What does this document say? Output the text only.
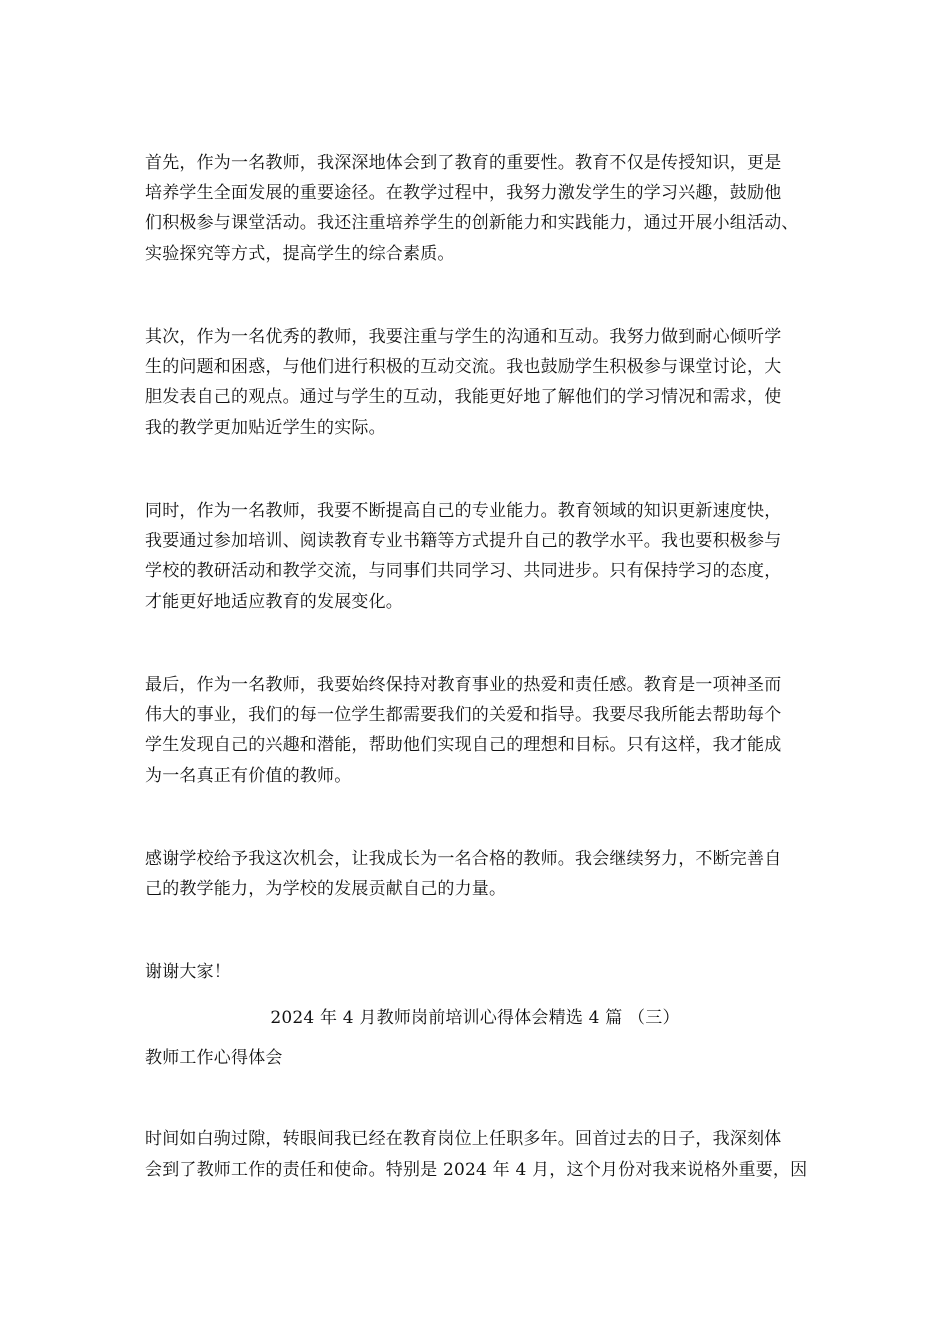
首先，作为一名教师，我深深地体会到了教育的重要性。教育不仅是传授知识，更是
培养学生全面发展的重要途径。在教学过程中，我努力激发学生的学习兴趣，鼓励他
们积极参与课堂活动。我还注重培养学生的创新能力和实践能力，通过开展小组活动、
实验探究等方式，提高学生的综合素质。
其次，作为一名优秀的教师，我要注重与学生的沟通和互动。我努力做到耐心倾听学
生的问题和困惑，与他们进行积极的互动交流。我也鼓励学生积极参与课堂讨论，大
胆发表自己的观点。通过与学生的互动，我能更好地了解他们的学习情况和需求，使
我的教学更加贴近学生的实际。
同时，作为一名教师，我要不断提高自己的专业能力。教育领域的知识更新速度快，
我要通过参加培训、阅读教育专业书籍等方式提升自己的教学水平。我也要积极参与
学校的教研活动和教学交流，与同事们共同学习、共同进步。只有保持学习的态度，
才能更好地适应教育的发展变化。
最后，作为一名教师，我要始终保持对教育事业的热爱和责任感。教育是一项神圣而
伟大的事业，我们的每一位学生都需要我们的关爱和指导。我要尽我所能去帮助每个
学生发现自己的兴趣和潜能，帮助他们实现自己的理想和目标。只有这样，我才能成
为一名真正有价值的教师。
感谢学校给予我这次机会，让我成长为一名合格的教师。我会继续努力，不断完善自
己的教学能力，为学校的发展贡献自己的力量。
谢谢大家！
2024 年 4 月教师岗前培训心得体会精选 4 篇 （三）
教师工作心得体会
时间如白驹过隙，转眼间我已经在教育岗位上任职多年。回首过去的日子，我深刻体
会到了教师工作的责任和使命。特别是 2024 年 4 月，这个月份对我来说格外重要，因
